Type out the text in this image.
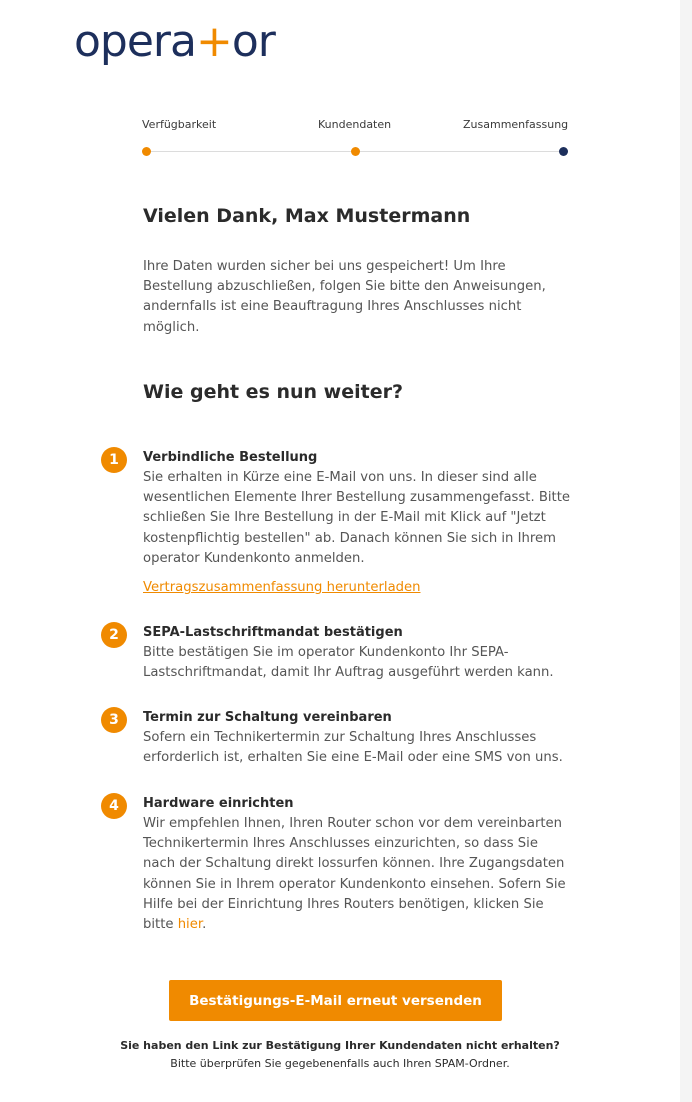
opera+or
Verfügbarkeit	Kundendaten	Zusammenfassung
Vielen Dank, Max Mustermann

Ihre Daten wurden sicher bei uns gespeichert! Um Ihre Bestellung abzuschließen, folgen Sie bitte den Anweisungen, andernfalls ist eine Beauftragung Ihres Anschlusses nicht möglich.

Wie geht es nun weiter?
1	Verbindliche Bestellung

Sie erhalten in Kürze eine E-Mail von uns. In dieser sind alle wesentlichen Elemente Ihrer Bestellung zusammengefasst. Bitte schließen Sie Ihre Bestellung in der E-Mail mit Klick auf "Jetzt kostenpflichtig bestellen" ab. Danach können Sie sich in Ihrem operator Kundenkonto anmelden.

Vertragszusammenfassung herunterladen
2	SEPA-Lastschriftmandat bestätigen

Bitte bestätigen Sie im operator Kundenkonto Ihr SEPA-Lastschriftmandat, damit Ihr Auftrag ausgeführt werden kann.

3	Termin zur Schaltung vereinbaren

Sofern ein Technikertermin zur Schaltung Ihres Anschlusses erforderlich ist, erhalten Sie eine E-Mail oder eine SMS von uns.

4	Hardware einrichten

Wir empfehlen Ihnen, Ihren Router schon vor dem vereinbarten Technikertermin Ihres Anschlusses einzurichten, so dass Sie nach der Schaltung direkt lossurfen können. Ihre Zugangsdaten können Sie in Ihrem operator Kundenkonto einsehen. Sofern Sie Hilfe bei der Einrichtung Ihres Routers benötigen, klicken Sie bitte hier.

Bestätigungs-E-Mail erneut versenden
Sie haben den Link zur Bestätigung Ihrer Kundendaten nicht erhalten?
Bitte überprüfen Sie gegebenenfalls auch Ihren SPAM-Ordner.
